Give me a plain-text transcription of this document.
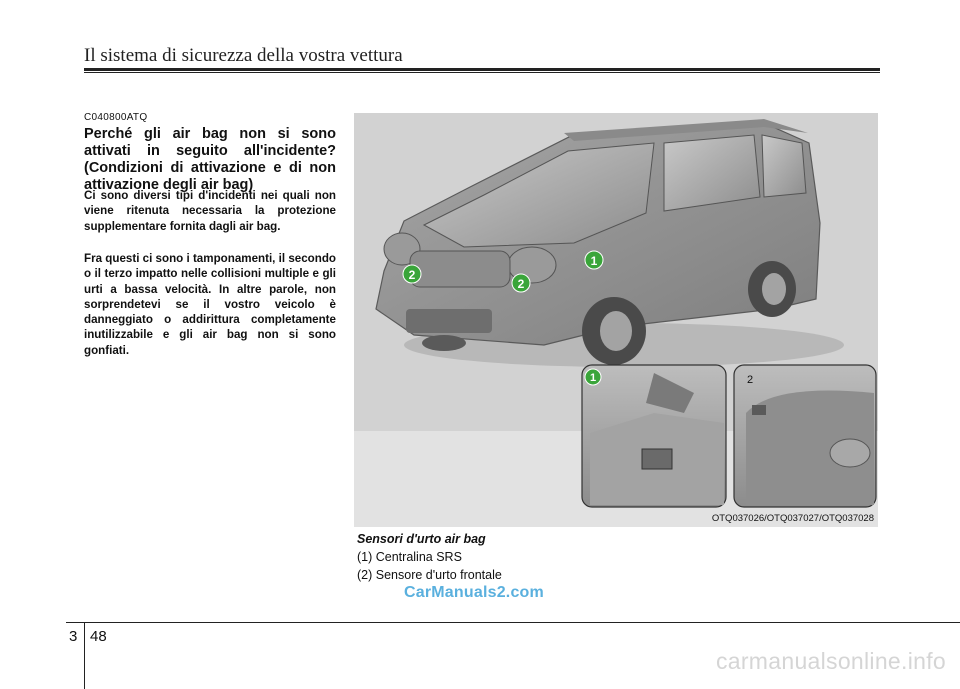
Il sistema di sicurezza della vostra vettura
C040800ATQ
Perché gli air bag non si sono attivati in seguito all'incidente? (Condizioni di attivazione e di non attivazione degli air bag)
Ci sono diversi tipi d'incidenti nei quali non viene ritenuta necessaria la protezione supplementare fornita dagli air bag.
Fra questi ci sono i tamponamenti, il secondo o il terzo impatto nelle collisioni multiple e gli urti a bassa velocità. In altre parole, non sorprendetevi se il vostro veicolo è danneggiato o addirittura completamente inutilizzabile e gli air bag non si sono gonfiati.
1
2
2
1	2
OTQ037026/OTQ037027/OTQ037028
Sensori d'urto air bag
(1) Centralina SRS
(2) Sensore d'urto frontale
CarManuals2.com
3 48
carmanualsonline.info
